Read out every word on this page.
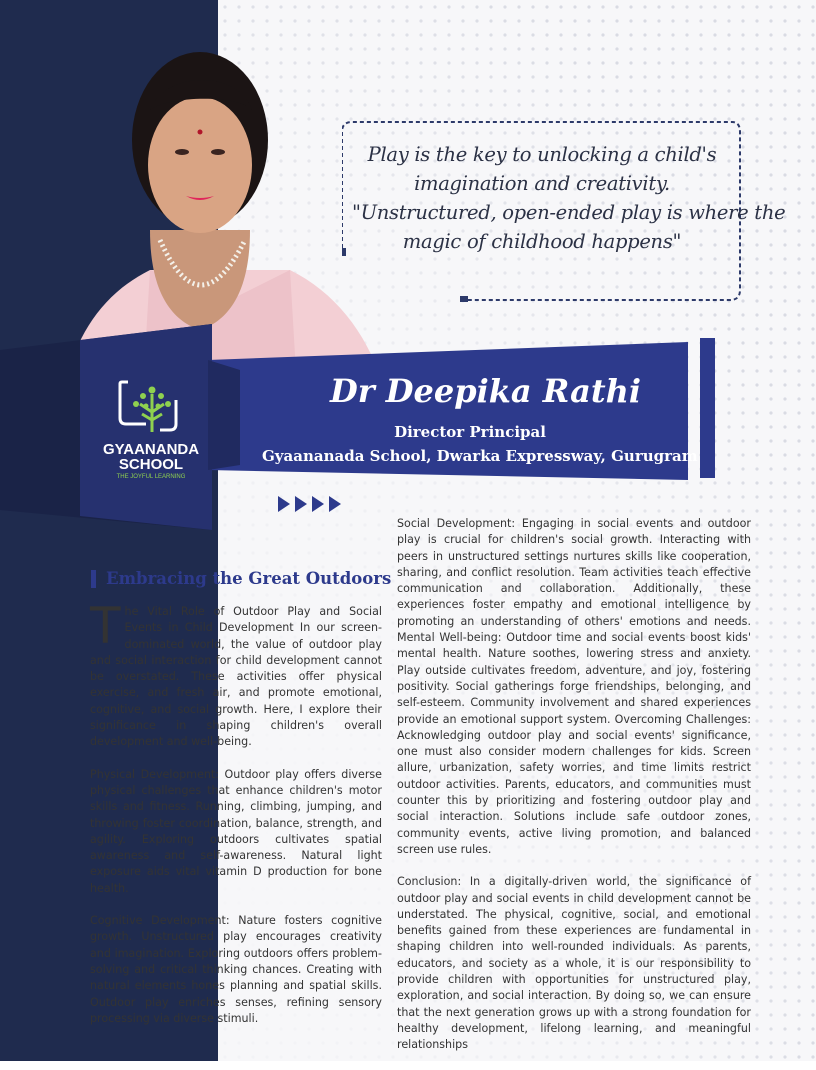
Play is the key to unlocking a child's
imagination and creativity.
"Unstructured, open-ended play is where the
magic of childhood happens"
Dr Deepika Rathi
Director Principal
Gyaananada School, Dwarka Expressway, Gurugram
GYAANANDA
SCHOOL
THE JOYFUL LEARNING
Embracing the Great Outdoors

The Vital Role of Outdoor Play and Social Events in Child Development In our screen-dominated world, the value of outdoor play and social interaction for child development cannot be overstated. These activities offer physical exercise, and fresh air, and promote emotional, cognitive, and social growth. Here, I explore their significance in shaping children's overall development and well-being.

Physical Development: Outdoor play offers diverse physical challenges that enhance children's motor skills and fitness. Running, climbing, jumping, and throwing foster coordination, balance, strength, and agility. Exploring outdoors cultivates spatial awareness and self-awareness. Natural light exposure aids vital vitamin D production for bone health.

Cognitive Development: Nature fosters cognitive growth. Unstructured play encourages creativity and imagination. Exploring outdoors offers problem-solving and critical thinking chances. Creating with natural elements hones planning and spatial skills. Outdoor play enriches senses, refining sensory processing via diverse stimuli.

Social Development: Engaging in social events and outdoor play is crucial for children's social growth. Interacting with peers in unstructured settings nurtures skills like cooperation, sharing, and conflict resolution. Team activities teach effective communication and collaboration. Additionally, these experiences foster empathy and emotional intelligence by promoting an understanding of others' emotions and needs. Mental Well-being: Outdoor time and social events boost kids' mental health. Nature soothes, lowering stress and anxiety. Play outside cultivates freedom, adventure, and joy, fostering positivity. Social gatherings forge friendships, belonging, and self-esteem. Community involvement and shared experiences provide an emotional support system. Overcoming Challenges: Acknowledging outdoor play and social events' significance, one must also consider modern challenges for kids. Screen allure, urbanization, safety worries, and time limits restrict outdoor activities. Parents, educators, and communities must counter this by prioritizing and fostering outdoor play and social interaction. Solutions include safe outdoor zones, community events, active living promotion, and balanced screen use rules.

Conclusion: In a digitally-driven world, the significance of outdoor play and social events in child development cannot be understated. The physical, cognitive, social, and emotional benefits gained from these experiences are fundamental in shaping children into well-rounded individuals. As parents, educators, and society as a whole, it is our responsibility to provide children with opportunities for unstructured play, exploration, and social interaction. By doing so, we can ensure that the next generation grows up with a strong foundation for healthy development, lifelong learning, and meaningful relationships
